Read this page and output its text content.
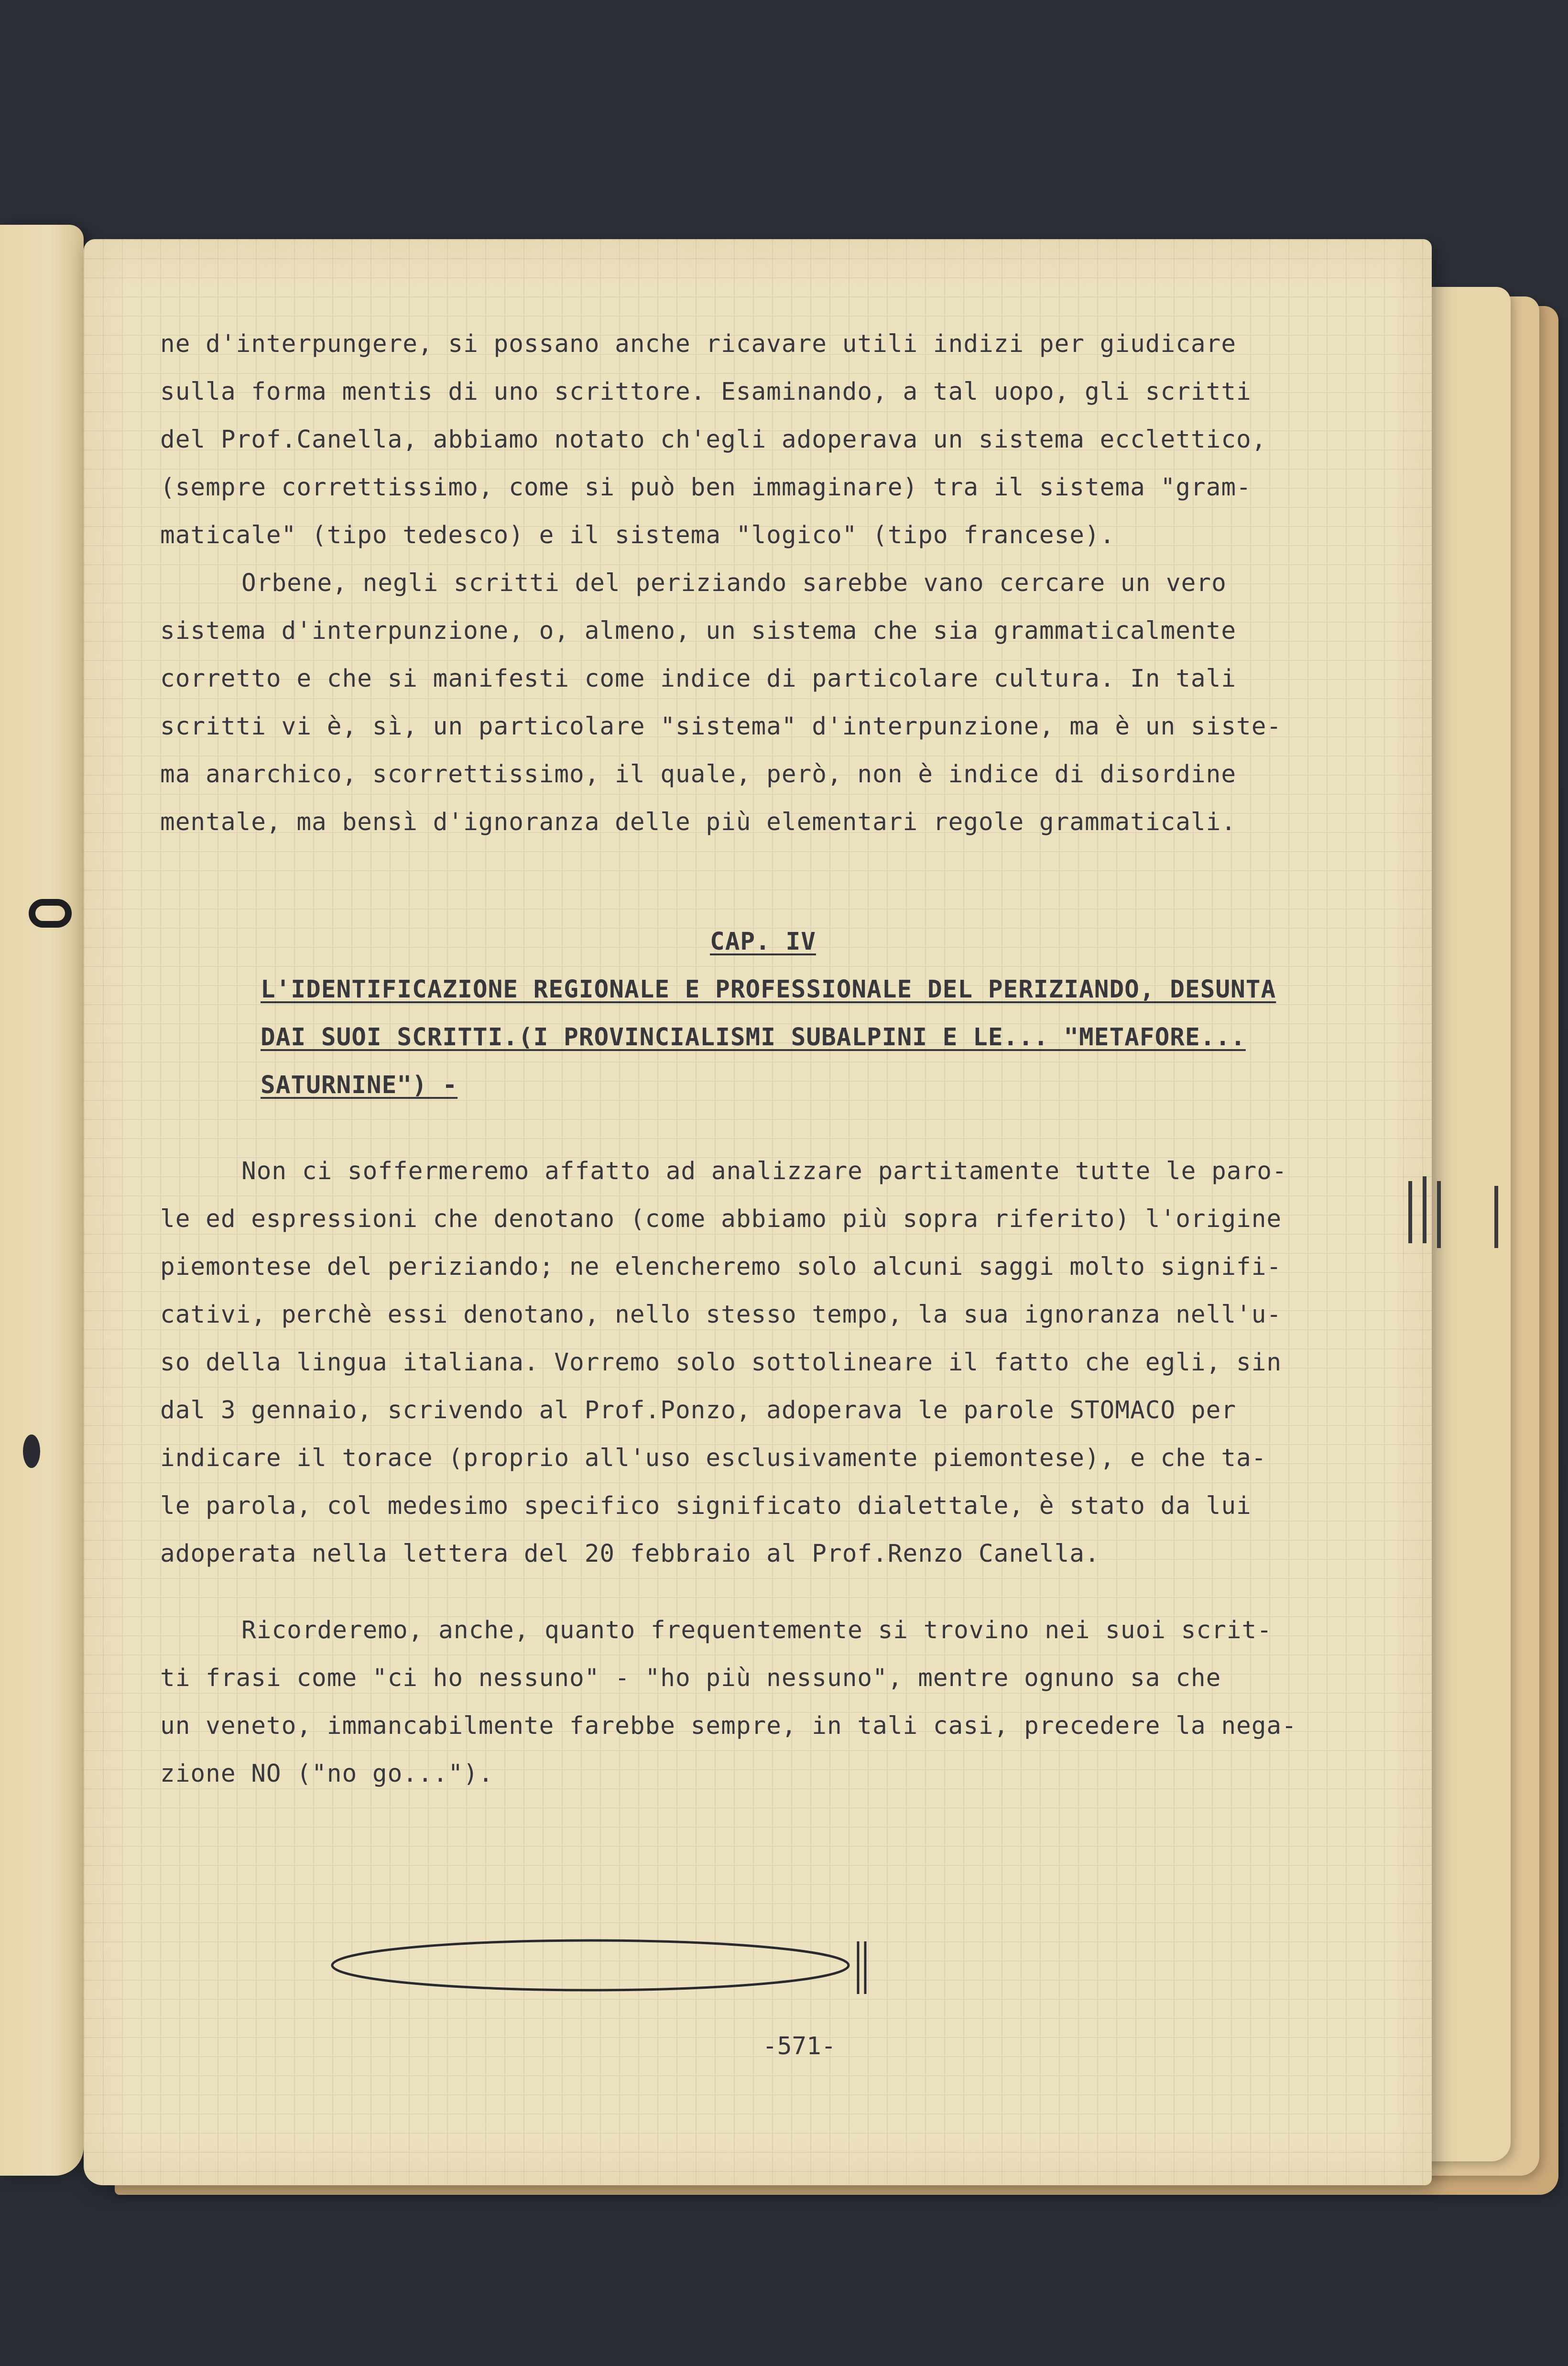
ne d'interpungere, si possano anche ricavare utili indizi per giudicare
sulla forma mentis di uno scrittore. Esaminando, a tal uopo, gli scritti
del Prof.Canella, abbiamo notato ch'egli adoperava un sistema ecclettico,
(sempre correttissimo, come si può ben immaginare) tra il sistema "gram-
maticale" (tipo tedesco) e il sistema "logico" (tipo francese).
Orbene, negli scritti del periziando sarebbe vano cercare un vero
sistema d'interpunzione, o, almeno, un sistema che sia grammaticalmente
corretto e che si manifesti come indice di particolare cultura. In tali
scritti vi è, sì, un particolare "sistema" d'interpunzione, ma è un siste-
ma anarchico, scorrettissimo, il quale, però, non è indice di disordine
mentale, ma bensì d'ignoranza delle più elementari regole grammaticali.
CAP. IV
L'IDENTIFICAZIONE REGIONALE E PROFESSIONALE DEL PERIZIANDO, DESUNTA
DAI SUOI SCRITTI.(I PROVINCIALISMI SUBALPINI E LE... "METAFORE...
SATURNINE") -
Non ci soffermeremo affatto ad analizzare partitamente tutte le paro-
le ed espressioni che denotano (come abbiamo più sopra riferito) l'origine
piemontese del periziando; ne elencheremo solo alcuni saggi molto signifi-
cativi, perchè essi denotano, nello stesso tempo, la sua ignoranza nell'u-
so della lingua italiana. Vorremo solo sottolineare il fatto che egli, sin
dal 3 gennaio, scrivendo al Prof.Ponzo, adoperava le parole STOMACO per
indicare il torace (proprio all'uso esclusivamente piemontese), e che ta-
le parola, col medesimo specifico significato dialettale, è stato da lui
adoperata nella lettera del 20 febbraio al Prof.Renzo Canella.
Ricorderemo, anche, quanto frequentemente si trovino nei suoi scrit-
ti frasi come "ci ho nessuno" - "ho più nessuno", mentre ognuno sa che
un veneto, immancabilmente farebbe sempre, in tali casi, precedere la nega-
zione NO ("no go...").
-571-
